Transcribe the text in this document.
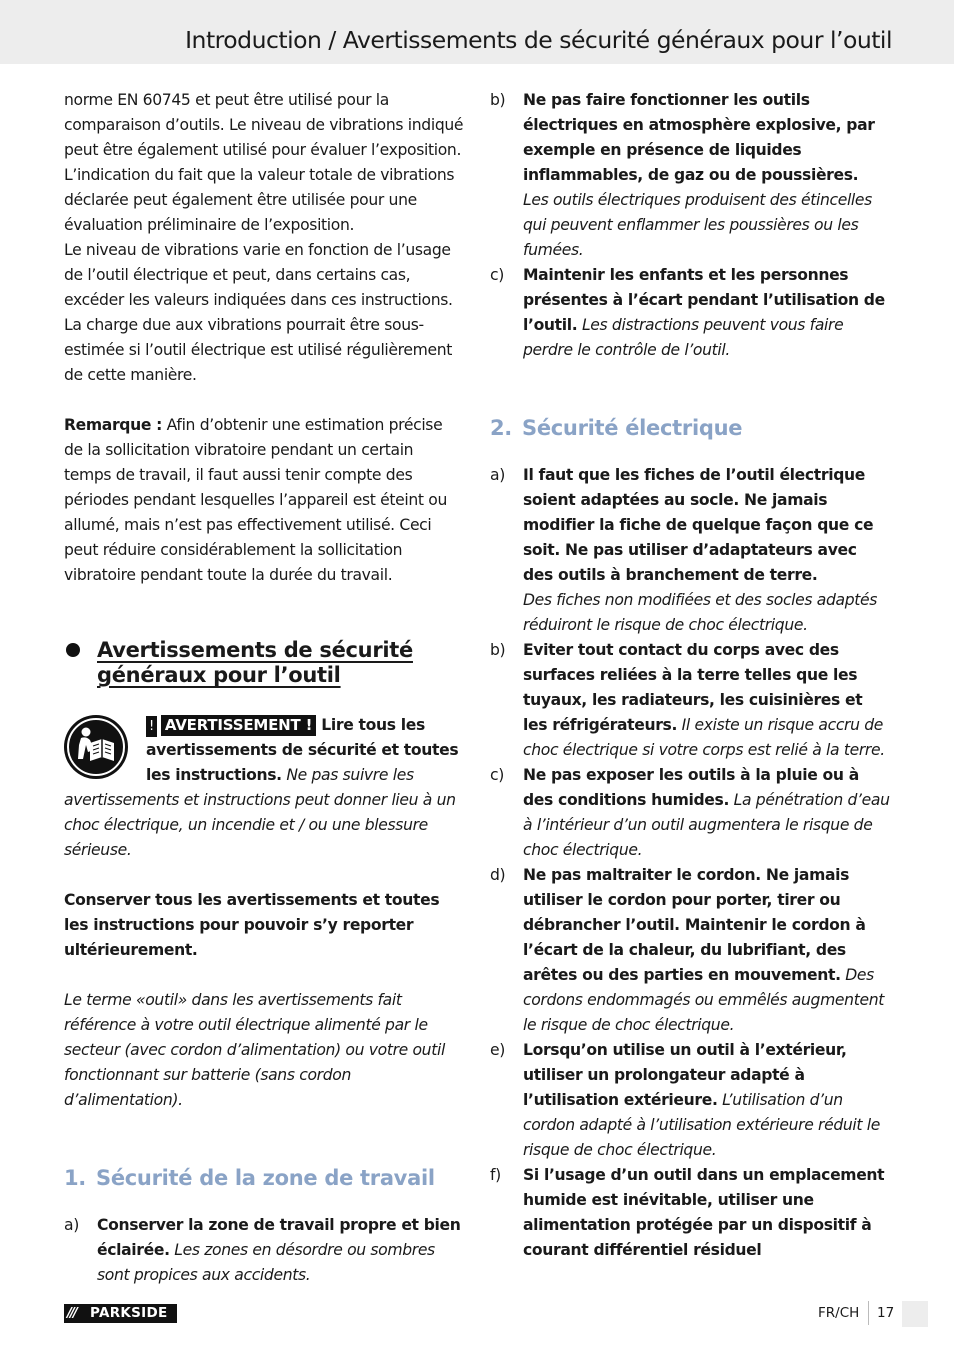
Introduction / Avertissements de sécurité généraux pour l’outil

norme EN 60745 et peut être utilisé pour la comparaison d’outils. Le niveau de vibrations indiqué peut être également utilisé pour évaluer l’exposition. L’indication du fait que la valeur totale de vibrations déclarée peut également être utilisée pour une évaluation préliminaire de l’exposition.

Le niveau de vibrations varie en fonction de l’usage de l’outil électrique et peut, dans certains cas, excéder les valeurs indiquées dans ces instructions.

La charge due aux vibrations pourrait être sous-estimée si l’outil électrique est utilisé régulièrement de cette manière.

Remarque : Afin d’obtenir une estimation précise de la sollicitation vibratoire pendant un certain temps de travail, il faut aussi tenir compte des périodes pendant lesquelles l’appareil est éteint ou allumé, mais n’est pas effectivement utilisé. Ceci peut réduire considérablement la sollicitation vibratoire pendant toute la durée du travail.

Avertissements de sécurité généraux pour l’outil

! AVERTISSEMENT ! Lire tous les avertissements de sécurité et toutes les instructions. Ne pas suivre les avertissements et instructions peut donner lieu à un choc électrique, un incendie et / ou une blessure sérieuse.

Conserver tous les avertissements et toutes les instructions pour pouvoir s’y reporter ultérieurement.

Le terme «outil» dans les avertissements fait référence à votre outil électrique alimenté par le secteur (avec cordon d’alimentation) ou votre outil fonctionnant sur batterie (sans cordon d’alimentation).

1. Sécurité de la zone de travail
a) Conserver la zone de travail propre et bien éclairée. Les zones en désordre ou sombres sont propices aux accidents.
b) Ne pas faire fonctionner les outils électriques en atmosphère explosive, par exemple en présence de liquides inflammables, de gaz ou de poussières.
Les outils électriques produisent des étincelles qui peuvent enflammer les poussières ou les fumées.
c) Maintenir les enfants et les personnes présentes à l’écart pendant l’utilisation de l’outil. Les distractions peuvent vous faire perdre le contrôle de l’outil.
2. Sécurité électrique
a) Il faut que les fiches de l’outil électrique soient adaptées au socle. Ne jamais modifier la fiche de quelque façon que ce soit. Ne pas utiliser d’adaptateurs avec des outils à branchement de terre.
Des fiches non modifiées et des socles adaptés réduiront le risque de choc électrique.
b) Eviter tout contact du corps avec des surfaces reliées à la terre telles que les tuyaux, les radiateurs, les cuisinières et les réfrigérateurs. Il existe un risque accru de choc électrique si votre corps est relié à la terre.
c) Ne pas exposer les outils à la pluie ou à des conditions humides. La pénétration d’eau à l’intérieur d’un outil augmentera le risque de choc électrique.
d) Ne pas maltraiter le cordon. Ne jamais utiliser le cordon pour porter, tirer ou débrancher l’outil. Maintenir le cordon à l’écart de la chaleur, du lubrifiant, des arêtes ou des parties en mouvement. Des cordons endommagés ou emmêlés augmentent le risque de choc électrique.
e) Lorsqu’on utilise un outil à l’extérieur, utiliser un prolongateur adapté à l’utilisation extérieure. L’utilisation d’un cordon adapté à l’utilisation extérieure réduit le risque de choc électrique.
f) Si l’usage d’un outil dans un emplacement humide est inévitable, utiliser une alimentation protégée par un dispositif à courant différentiel résiduel
/// PARKSIDE	FR/CH 17
